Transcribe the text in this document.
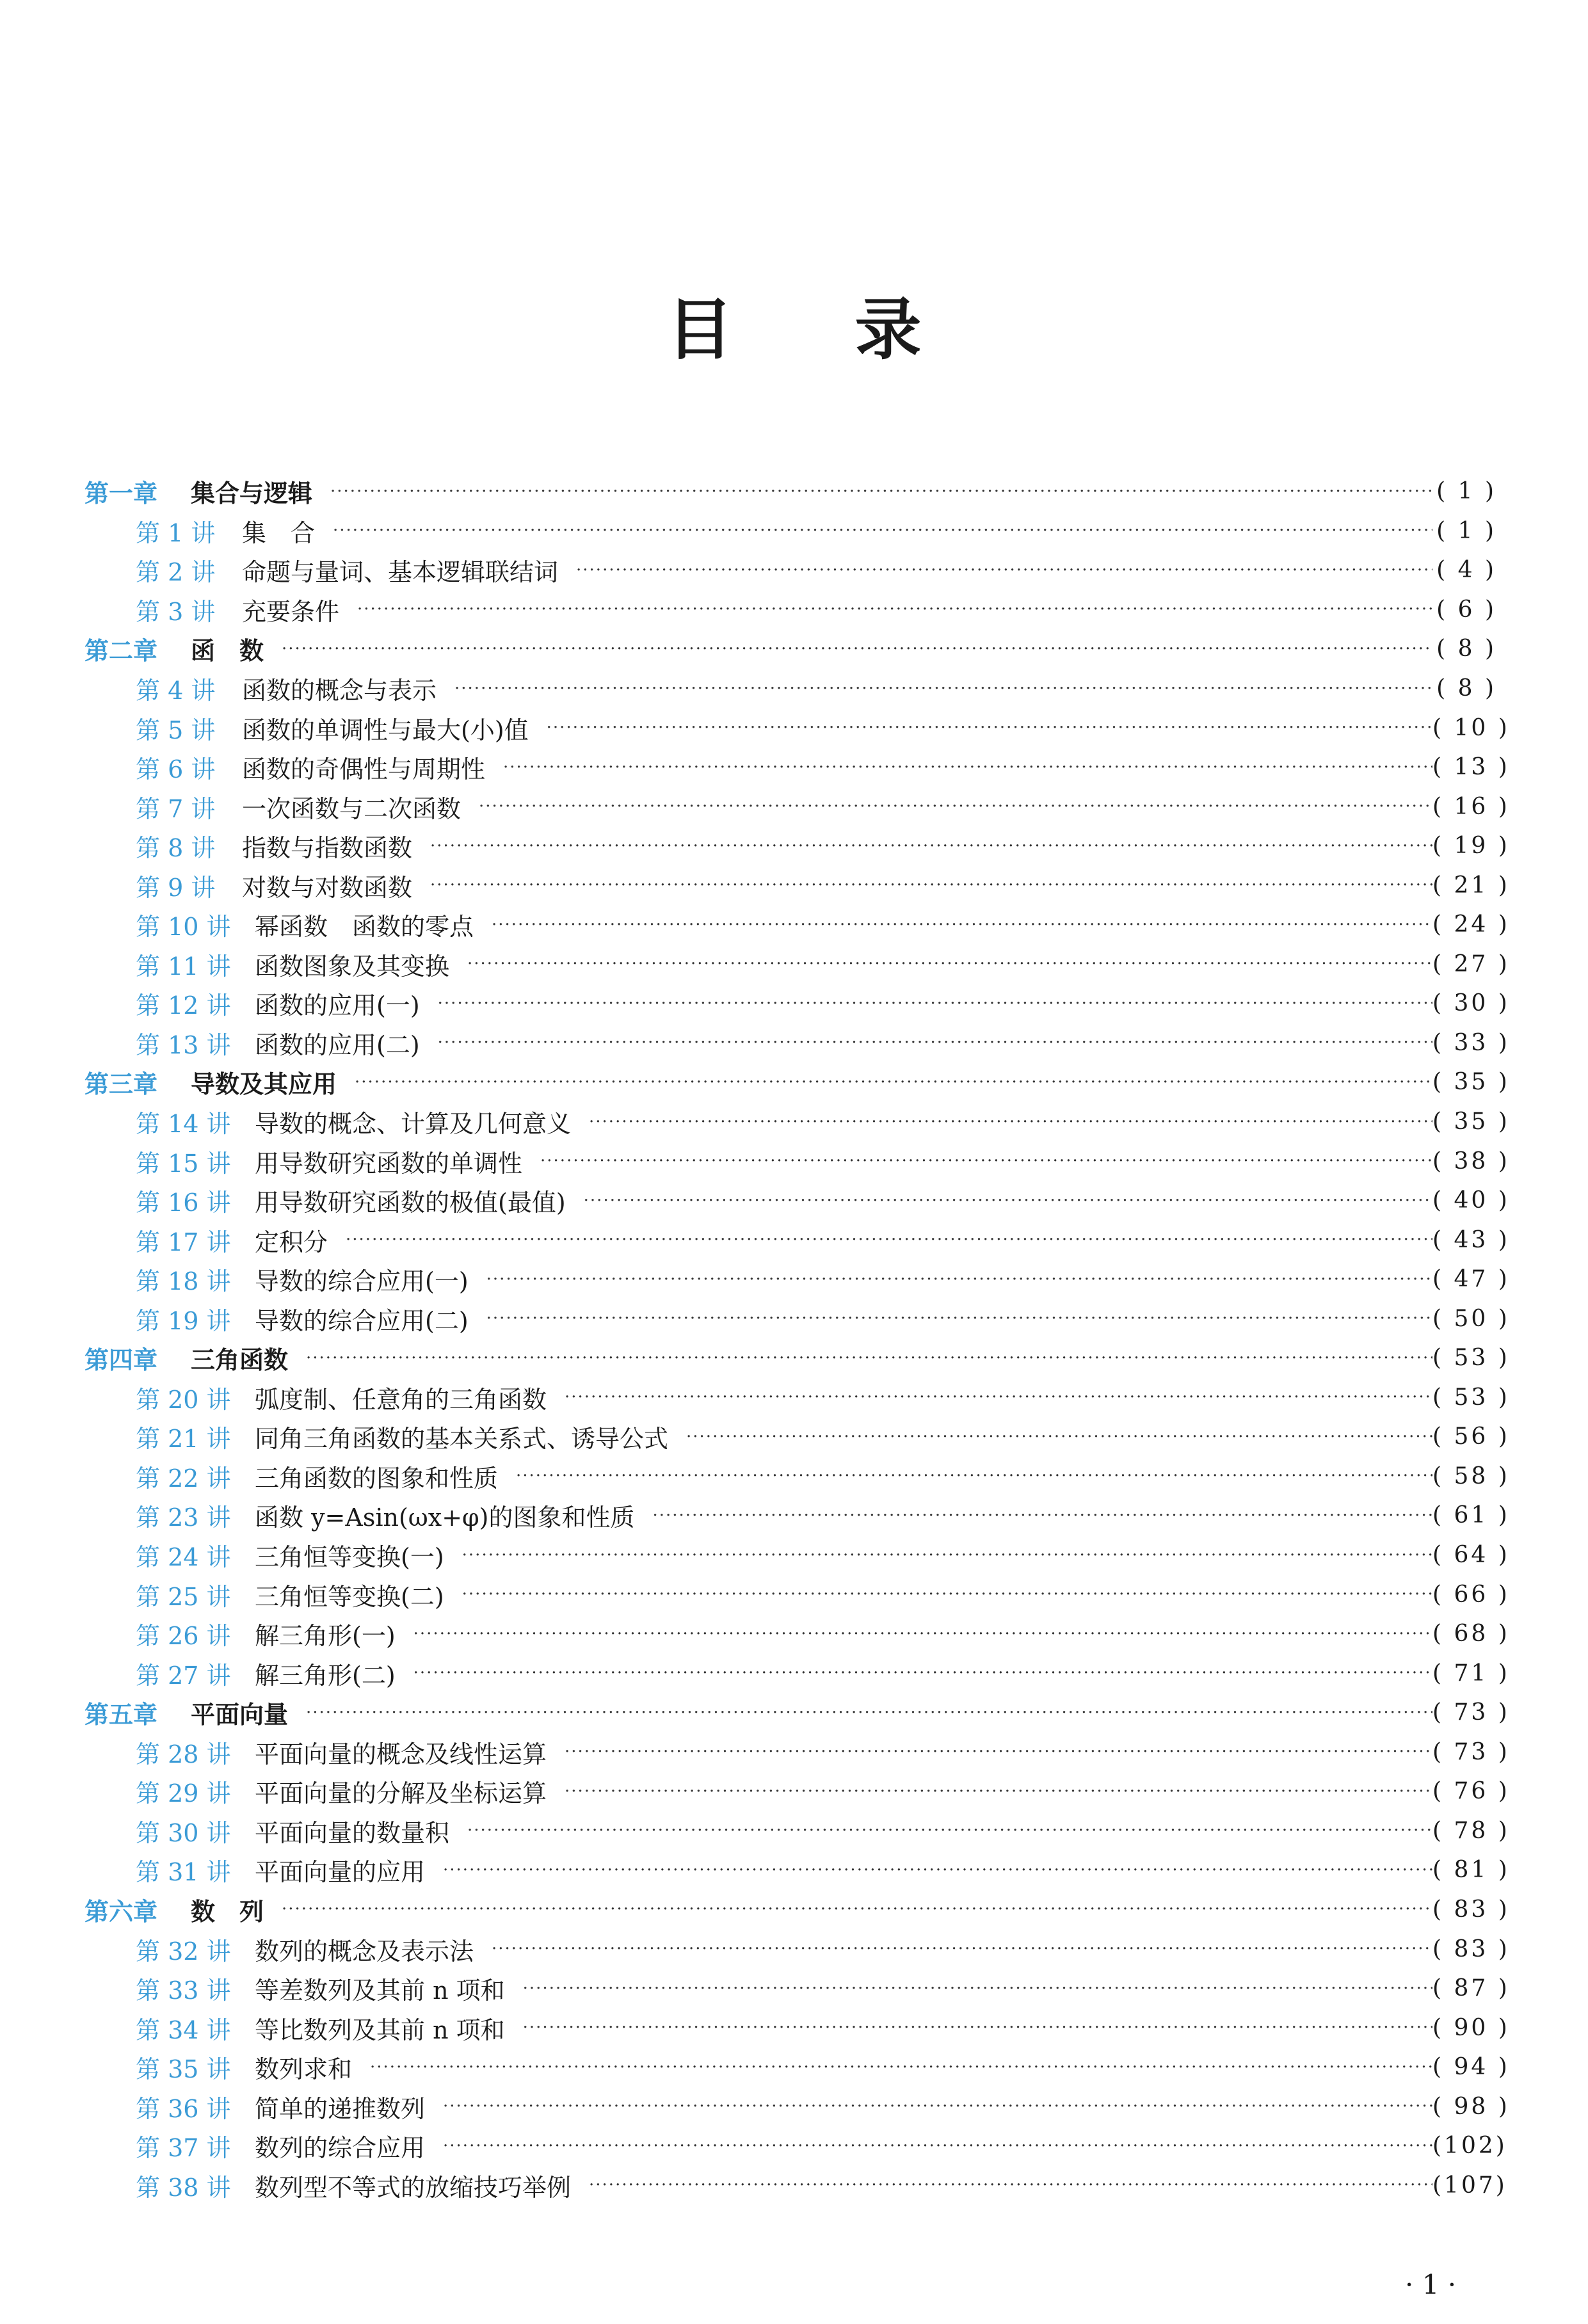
目 录
第一章	集合与逻辑 ·····	( 1 )
第 1 讲	集　合 ·····	( 1 )
第 2 讲	命题与量词、基本逻辑联结词 ·····	( 4 )
第 3 讲	充要条件 ·····	( 6 )
第二章	函　数 ·····	( 8 )
第 4 讲	函数的概念与表示 ·····	( 8 )
第 5 讲	函数的单调性与最大(小)值 ·····	( 10 )
第 6 讲	函数的奇偶性与周期性 ·····	( 13 )
第 7 讲	一次函数与二次函数 ·····	( 16 )
第 8 讲	指数与指数函数 ·····	( 19 )
第 9 讲	对数与对数函数 ·····	( 21 )
第 10 讲 幂函数　函数的零点 ·····	( 24 )
第 11 讲 函数图象及其变换 ·····	( 27 )
第 12 讲 函数的应用(一) ·····	( 30 )
第 13 讲 函数的应用(二) ·····	( 33 )
第三章	导数及其应用 ·····	( 35 )
第 14 讲 导数的概念、计算及几何意义 ·····	( 35 )
第 15 讲 用导数研究函数的单调性 ·····	( 38 )
第 16 讲 用导数研究函数的极值(最值) ·····	( 40 )
第 17 讲 定积分 ·····	( 43 )
第 18 讲 导数的综合应用(一) ·····	( 47 )
第 19 讲 导数的综合应用(二) ·····	( 50 )
第四章	三角函数 ·····	( 53 )
第 20 讲 弧度制、任意角的三角函数 ·····	( 53 )
第 21 讲 同角三角函数的基本关系式、诱导公式 ·····	( 56 )
第 22 讲 三角函数的图象和性质 ·····	( 58 )
第 23 讲 函数 y=Asin(ωx+φ)的图象和性质 ·····	( 61 )
第 24 讲 三角恒等变换(一) ·····	( 64 )
第 25 讲 三角恒等变换(二) ·····	( 66 )
第 26 讲 解三角形(一) ·····	( 68 )
第 27 讲 解三角形(二) ·····	( 71 )
第五章	平面向量 ·····	( 73 )
第 28 讲 平面向量的概念及线性运算 ·····	( 73 )
第 29 讲 平面向量的分解及坐标运算 ·····	( 76 )
第 30 讲 平面向量的数量积 ·····	( 78 )
第 31 讲 平面向量的应用 ·····	( 81 )
第六章	数　列 ·····	( 83 )
第 32 讲 数列的概念及表示法 ·····	( 83 )
第 33 讲 等差数列及其前 n 项和 ·····	( 87 )
第 34 讲 等比数列及其前 n 项和 ·····	( 90 )
第 35 讲 数列求和 ·····	( 94 )
第 36 讲 简单的递推数列 ·····	( 98 )
第 37 讲 数列的综合应用 ·····	(102)
第 38 讲 数列型不等式的放缩技巧举例 ·····	(107)
· 1 ·
